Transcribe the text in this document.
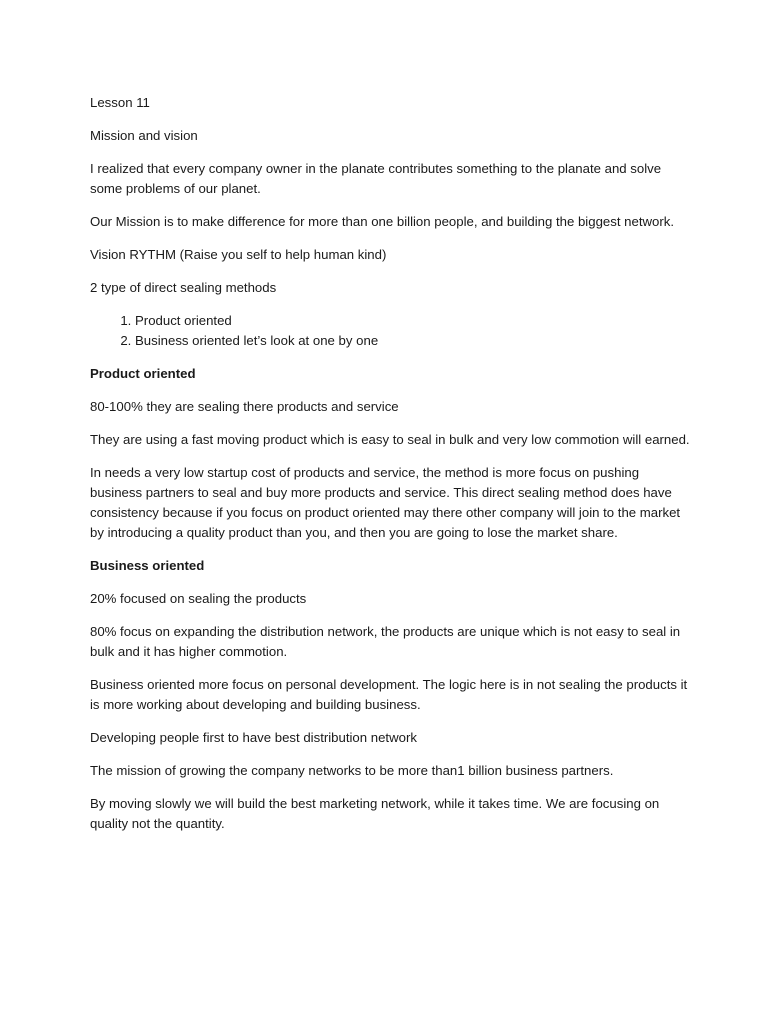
Lesson 11

Mission and vision

I realized that every company owner in the planate contributes something to the planate and solve some problems of our planet.

Our Mission is to make difference for more than one billion people, and building the biggest network.

Vision RYTHM (Raise you self to help human kind)

2 type of direct sealing methods

1. Product oriented
2. Business oriented let’s look at one by one

Product oriented

80-100% they are sealing there products and service

They are using a fast moving product which is easy to seal in bulk and very low commotion will earned.

In needs a very low startup cost of products and service, the method is more focus on pushing business partners to seal and buy more products and service. This direct sealing method does have consistency because if you focus on product oriented may there other company will join to the market by introducing a quality product than you, and then you are going to lose the market share.

Business oriented

20% focused on sealing the products

80% focus on expanding the distribution network, the products are unique which is not easy to seal in bulk and it has higher commotion.

Business oriented more focus on personal development. The logic here is in not sealing the products it is more working about developing and building business.

Developing people first to have best distribution network

The mission of growing the company networks to be more than1 billion business partners.

By moving slowly we will build the best marketing network, while it takes time. We are focusing on quality not the quantity.
